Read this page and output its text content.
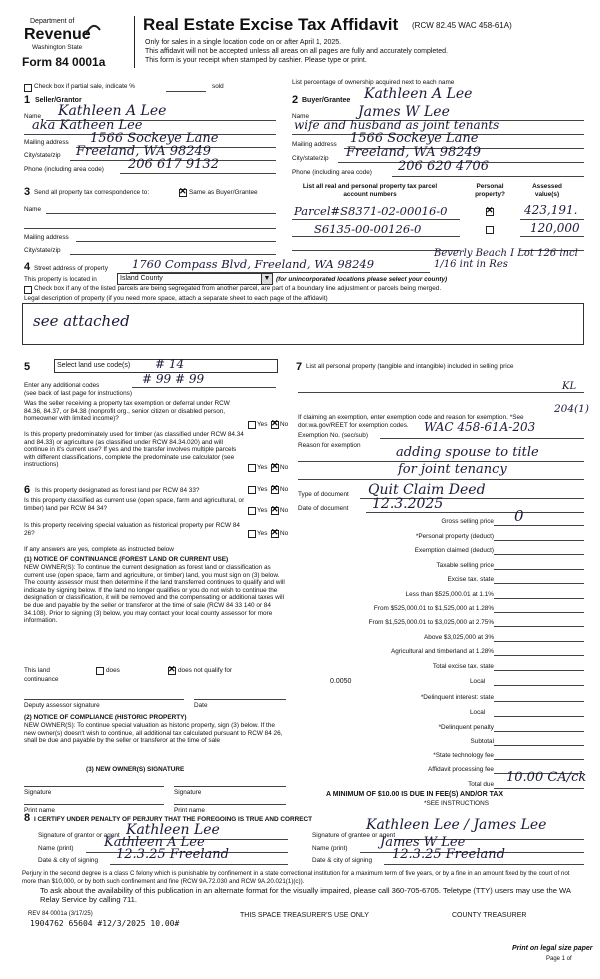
Department of
Revenue
Washington State
Form 84 0001a
Real Estate Excise Tax Affidavit (RCW 82.45 WAC 458-61A)
Only for sales in a single location code on or after April 1, 2025.
This affidavit will not be accepted unless all areas on all pages are fully and accurately completed.
This form is your receipt when stamped by cashier. Please type or print.
Check box if partial sale, indicate %	sold
List percentage of ownership acquired next to each name
1 Seller/Grantor
Name Kathleen A Lee
aka Katheen Lee
Mailing address 1566 Sockeye Lane
City/state/zip Freeland, WA 98249
Phone (including area code) 206 617 9132
2 Buyer/Grantee Kathleen A Lee
Name	James W Lee
wife and husband as joint tenants
Mailing address 1566 Sockeye Lane
City/state/zip Freeland, WA 98249
Phone (including area code) 206 620 4706
3 Send all property tax correspondence to: ✕	Same as Buyer/Grantee
Name
Mailing address
City/state/zip
List all real and personal property tax parcel account numbers
Personal property?
Assessed value(s)
Parcel#S8371-02-00016-0 ✕	423,191.
S6135-00-00126-0	120,000
4 Street address of property 1760 Compass Blvd, Freeland, WA 98249
Beverly Beach I Lot 126 incl 1/16 int in Res
This property is located in	Island County	▼ (for unincorporated locations please select your county)
Check box if any of the listed parcels are being segregated from another parcel, are part of a boundary line adjustment or parcels being merged.
Legal description of property (if you need more space, attach a separate sheet to each page of the affidavit)
see attached
5	Select land use code(s) # 14
Enter any additional codes	# 99 # 99
(see back of last page for instructions)
Was the seller receiving a property tax exemption or deferral under RCW 84.36, 84.37, or 84.38 (nonprofit org., senior citizen or disabled person, homeowner with limited income)?
Yes ✕ No
Is this property predominately used for timber (as classified under RCW 84.34 and 84.33) or agriculture (as classified under RCW 84.34.020) and will continue in it's current use? If yes and the transfer involves multiple parcels with different classifications, complete the predominate use calculator (see instructions)	Yes ✕ No
6 Is this property designated as forest land per RCW 84 33?	Yes ✕ No
Is this property classified as current use (open space, farm and agricultural, or timber) land per RCW 84 34?	Yes ✕ No
Is this property receiving special valuation as historical property per RCW 84 26?	Yes ✕ No
If any answers are yes, complete as instructed below
(1) NOTICE OF CONTINUANCE (FOREST LAND OR CURRENT USE)
NEW OWNER(S): To continue the current designation as forest land or classification as current use (open space, farm and agriculture, or timber) land, you must sign on (3) below. The county assessor must then determine if the land transferred continues to qualify and will indicate by signing below. If the land no longer qualifies or you do not wish to continue the designation or classification, it will be removed and the compensating or additional taxes will be due and payable by the seller or transferor at the time of sale (RCW 84 33 140 or 84 34.108). Prior to signing (3) below, you may contact your local county assessor for more information.
This land
continuance
does ✕	does not qualify for
Deputy assessor signature	Date
(2) NOTICE OF COMPLIANCE (HISTORIC PROPERTY)
NEW OWNER(S): To continue special valuation as historic property, sign (3) below. If the new owner(s) doesn't wish to continue, all additional tax calculated pursuant to RCW 84 26, shall be due and payable by the seller or transferor at the time of sale
(3) NEW OWNER(S) SIGNATURE
Signature	Signature
Print name	Print name
7 List all personal property (tangible and intangible) included in selling price
KL
If claiming an exemption, enter exemption code and reason for exemption. *See dor.wa.gov/REET for exemption codes.
204(1)
Exemption No. (sec/sub)
WAC 458-61A-203
Reason for exemption	adding spouse to title
for joint tenancy
Type of document Quit Claim Deed
Date of document 12.3.2025
Gross selling price 0
*Personal property (deduct)
Exemption claimed (deduct)
Taxable selling price
Excise tax. state
Less than $525,000.01 at 1.1%
From $525,000.01 to $1,525,000 at 1.28%
From $1,525,000.01 to $3,025,000 at 2.75%
Above $3,025,000 at 3%
Agricultural and timberland at 1.28%
Total excise tax. state
0.0050	Local
*Delinquent interest: state
Local
*Delinquent penalty
Subtotal
*State technology fee
Affidavit processing fee
Total due 10.00 CA/ck
A MINIMUM OF $10.00 IS DUE IN FEE(S) AND/OR TAX
*SEE INSTRUCTIONS
8 I CERTIFY UNDER PENALTY OF PERJURY THAT THE FOREGOING IS TRUE AND CORRECT
Signature of grantor or agent Kathleen Lee
Name (print) Kathleen A Lee
Date & city of signing 12.3.25 Freeland
Signature of grantee or agent
Kathleen Lee / James Lee
Name (print) James W Lee
Date & city of signing 12.3.25 Freeland
Perjury in the second degree is a class C felony which is punishable by confinement in a state correctional institution for a maximum term of five years, or by a fine in an amount fixed by the court of not more than $10,000, or by both such confinement and fine (RCW 9A.72.030 and RCW 9A.20.021(1)(c)).
To ask about the availability of this publication in an alternate format for the visually impaired, please call 360-705-6705. Teletype (TTY) users may use the WA Relay Service by calling 711.
REV 84 0001a (3/17/25)
1904762 65604 #12/3/2025 10.00#
THIS SPACE TREASURER'S USE ONLY	COUNTY TREASURER
Print on legal size paper
Page 1 of
